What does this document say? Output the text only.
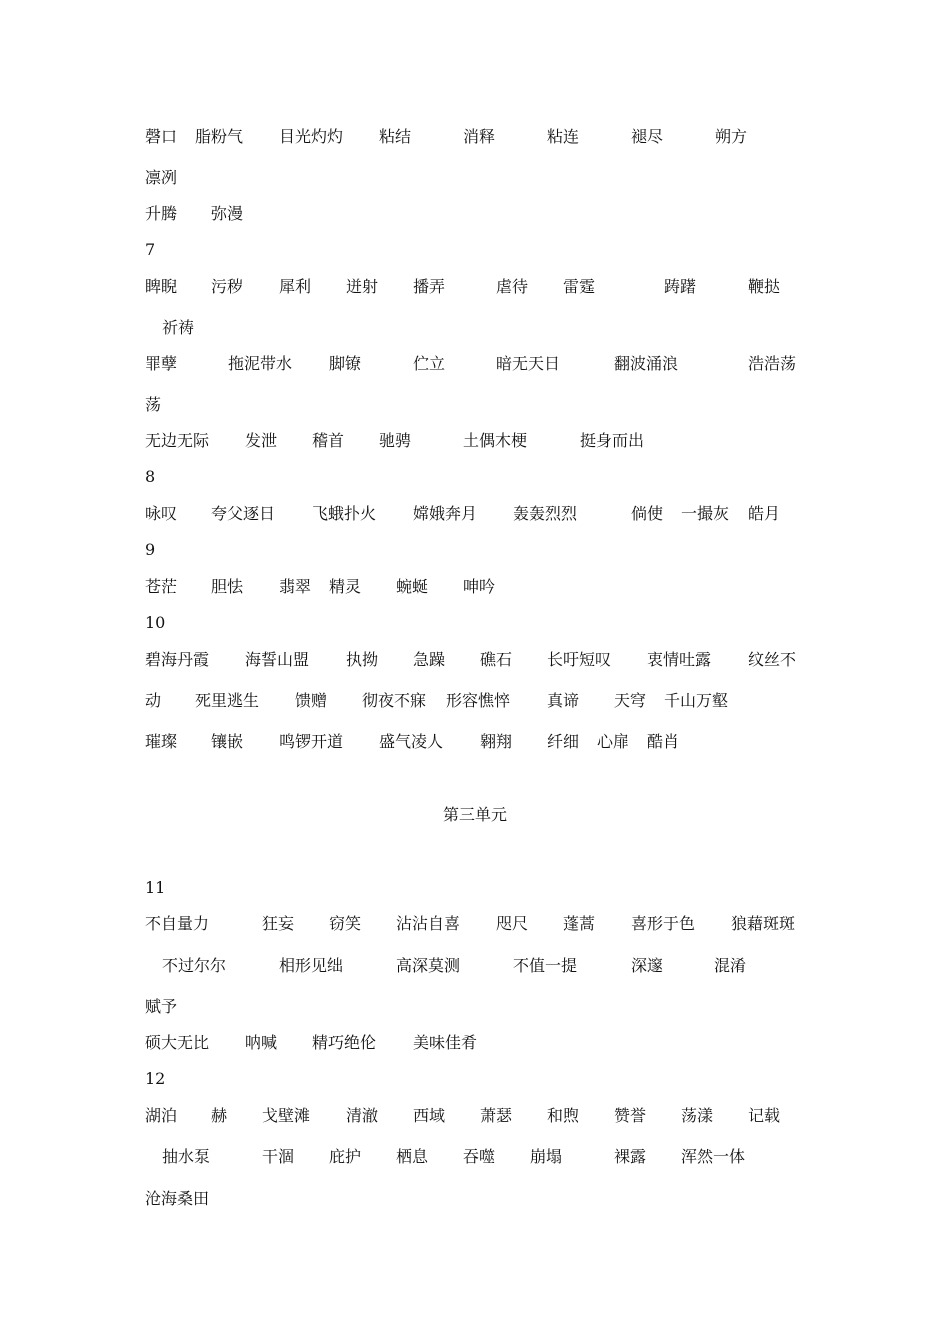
磬口 脂粉气 目光灼灼 粘结	消释	粘连	褪尽	朔方
凛冽
升腾 弥漫
7
睥睨 污秽 犀利 迸射 播弄	虐待 雷霆	踌躇	鞭挞
祈祷
罪孽	拖泥带水 脚镣	伫立	暗无天日	翻波涌浪	浩浩荡
荡
无边无际 发泄 稽首 驰骋	土偶木梗	挺身而出
8
咏叹 夸父逐日 飞蛾扑火 嫦娥奔月 轰轰烈烈	倘使 一撮灰 皓月
9
苍茫 胆怯 翡翠 精灵 蜿蜒 呻吟
10
碧海丹霞 海誓山盟 执拗 急躁 礁石 长吁短叹 衷情吐露 纹丝不
动 死里逃生 馈赠 彻夜不寐 形容憔悴 真谛 天穹 千山万壑
璀璨 镶嵌 鸣锣开道 盛气凌人 翱翔 纤细 心扉 酷肖
第三单元
11
不自量力	狂妄 窃笑 沾沾自喜 咫尺 蓬蒿 喜形于色 狼藉斑斑
不过尔尔	相形见绌	高深莫测	不值一提	深邃	混淆
赋予
硕大无比 呐喊 精巧绝伦 美味佳肴
12
湖泊 赫 戈壁滩 清澈 西域 萧瑟 和煦 赞誉 荡漾 记载
抽水泵	干涸 庇护 栖息 吞噬 崩塌	裸露 浑然一体
沧海桑田
